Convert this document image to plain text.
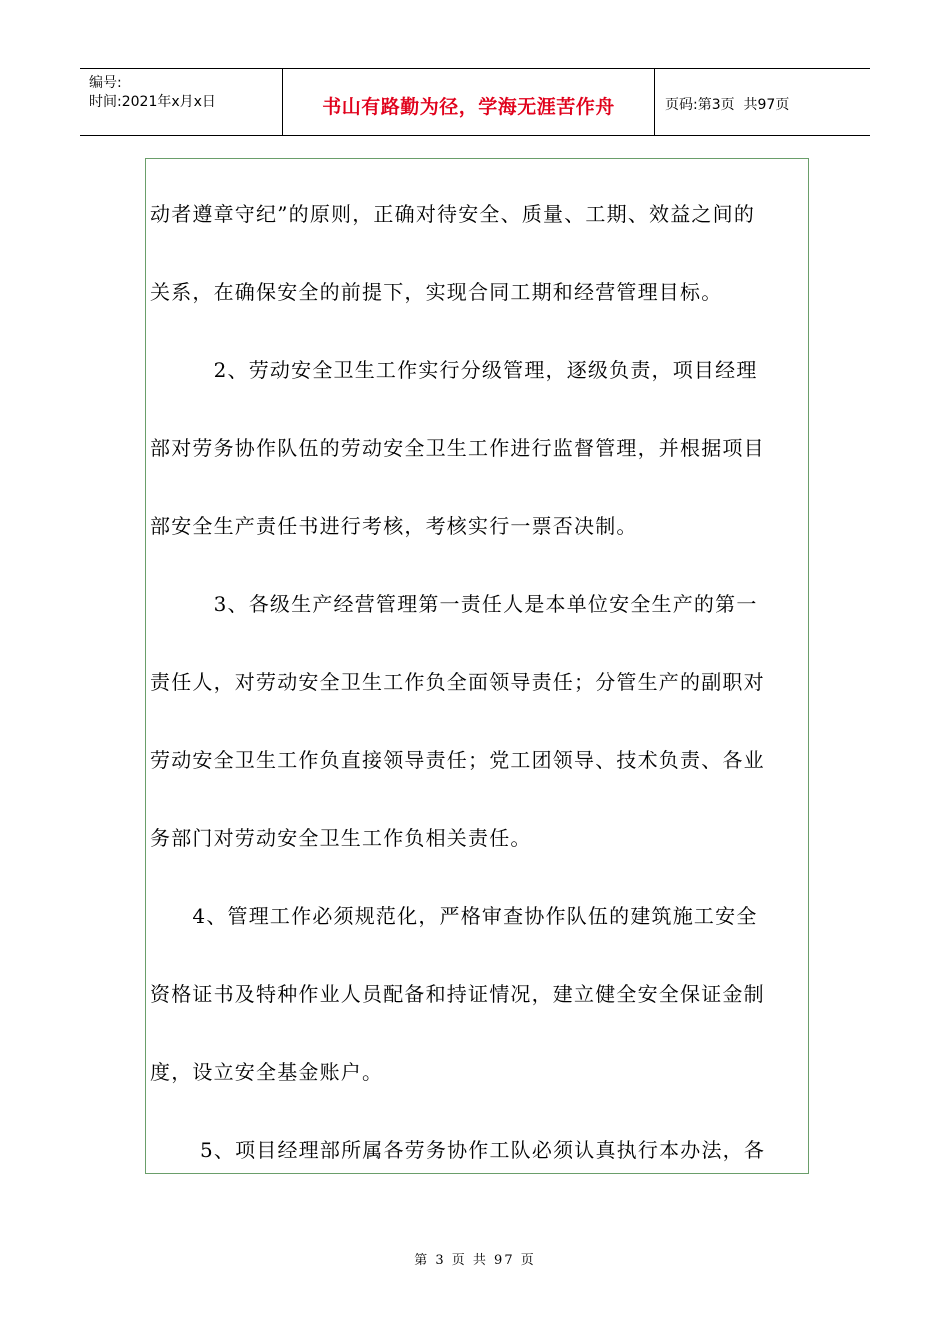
编号:
时间:2021年x月x日	书山有路勤为径，学海无涯苦作舟	页码:第3页  共97页
动者遵章守纪”的原则，正确对待安全、质量、工期、效益之间的
关系，在确保安全的前提下，实现合同工期和经营管理目标。
　　　2、劳动安全卫生工作实行分级管理，逐级负责，项目经理
部对劳务协作队伍的劳动安全卫生工作进行监督管理，并根据项目
部安全生产责任书进行考核，考核实行一票否决制。
　　　3、各级生产经营管理第一责任人是本单位安全生产的第一
责任人，对劳动安全卫生工作负全面领导责任；分管生产的副职对
劳动安全卫生工作负直接领导责任；党工团领导、技术负责、各业
务部门对劳动安全卫生工作负相关责任。
　　4、管理工作必须规范化，严格审查协作队伍的建筑施工安全
资格证书及特种作业人员配备和持证情况，建立健全安全保证金制
度，设立安全基金账户。
　　 5、项目经理部所属各劳务协作工队必须认真执行本办法，各
第 3 页 共 97 页
